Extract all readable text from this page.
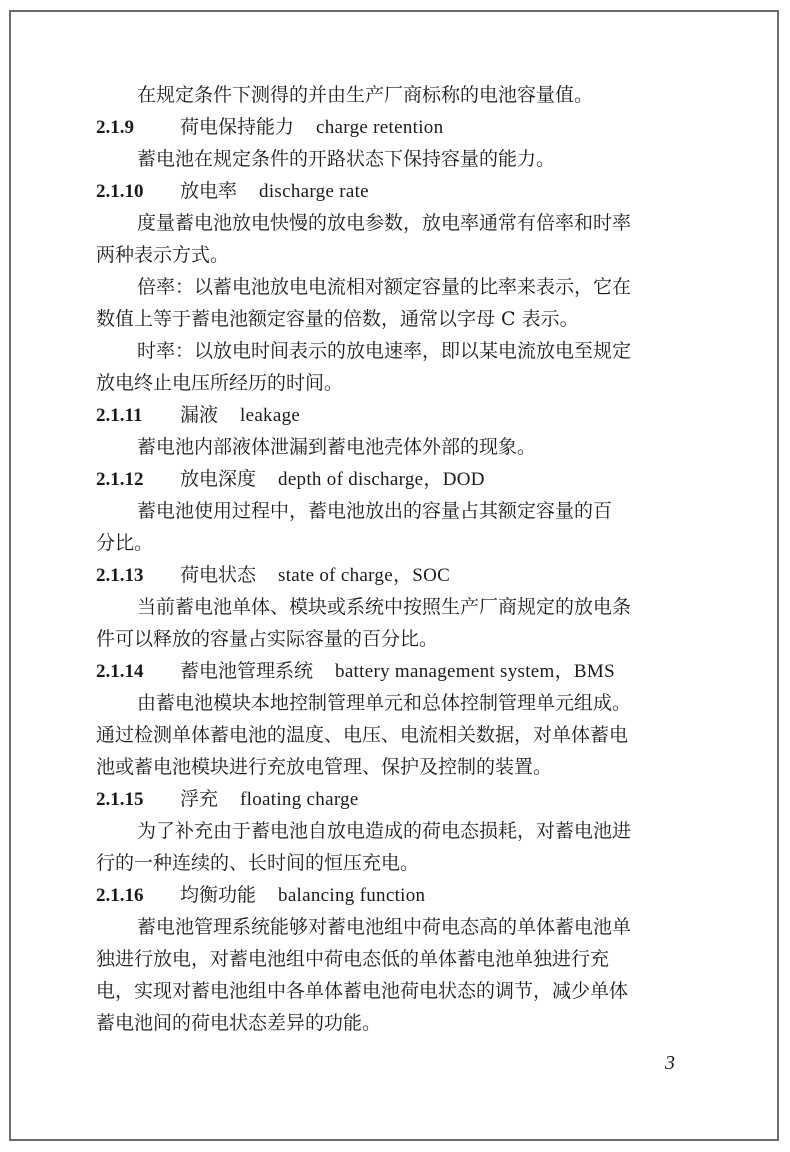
在规定条件下测得的并由生产厂商标称的电池容量值。
2.1.9 荷电保持能力 charge retention
蓄电池在规定条件的开路状态下保持容量的能力。
2.1.10 放电率 discharge rate
度量蓄电池放电快慢的放电参数，放电率通常有倍率和时率
两种表示方式。
倍率：以蓄电池放电电流相对额定容量的比率来表示，它在
数值上等于蓄电池额定容量的倍数，通常以字母 C 表示。
时率：以放电时间表示的放电速率，即以某电流放电至规定
放电终止电压所经历的时间。
2.1.11 漏液 leakage
蓄电池内部液体泄漏到蓄电池壳体外部的现象。
2.1.12 放电深度 depth of discharge，DOD
蓄电池使用过程中，蓄电池放出的容量占其额定容量的百
分比。
2.1.13 荷电状态 state of charge，SOC
当前蓄电池单体、模块或系统中按照生产厂商规定的放电条
件可以释放的容量占实际容量的百分比。
2.1.14 蓄电池管理系统 battery management system，BMS
由蓄电池模块本地控制管理单元和总体控制管理单元组成。
通过检测单体蓄电池的温度、电压、电流相关数据，对单体蓄电
池或蓄电池模块进行充放电管理、保护及控制的装置。
2.1.15 浮充 floating charge
为了补充由于蓄电池自放电造成的荷电态损耗，对蓄电池进
行的一种连续的、长时间的恒压充电。
2.1.16 均衡功能 balancing function
蓄电池管理系统能够对蓄电池组中荷电态高的单体蓄电池单
独进行放电，对蓄电池组中荷电态低的单体蓄电池单独进行充
电，实现对蓄电池组中各单体蓄电池荷电状态的调节，减少单体
蓄电池间的荷电状态差异的功能。
3
